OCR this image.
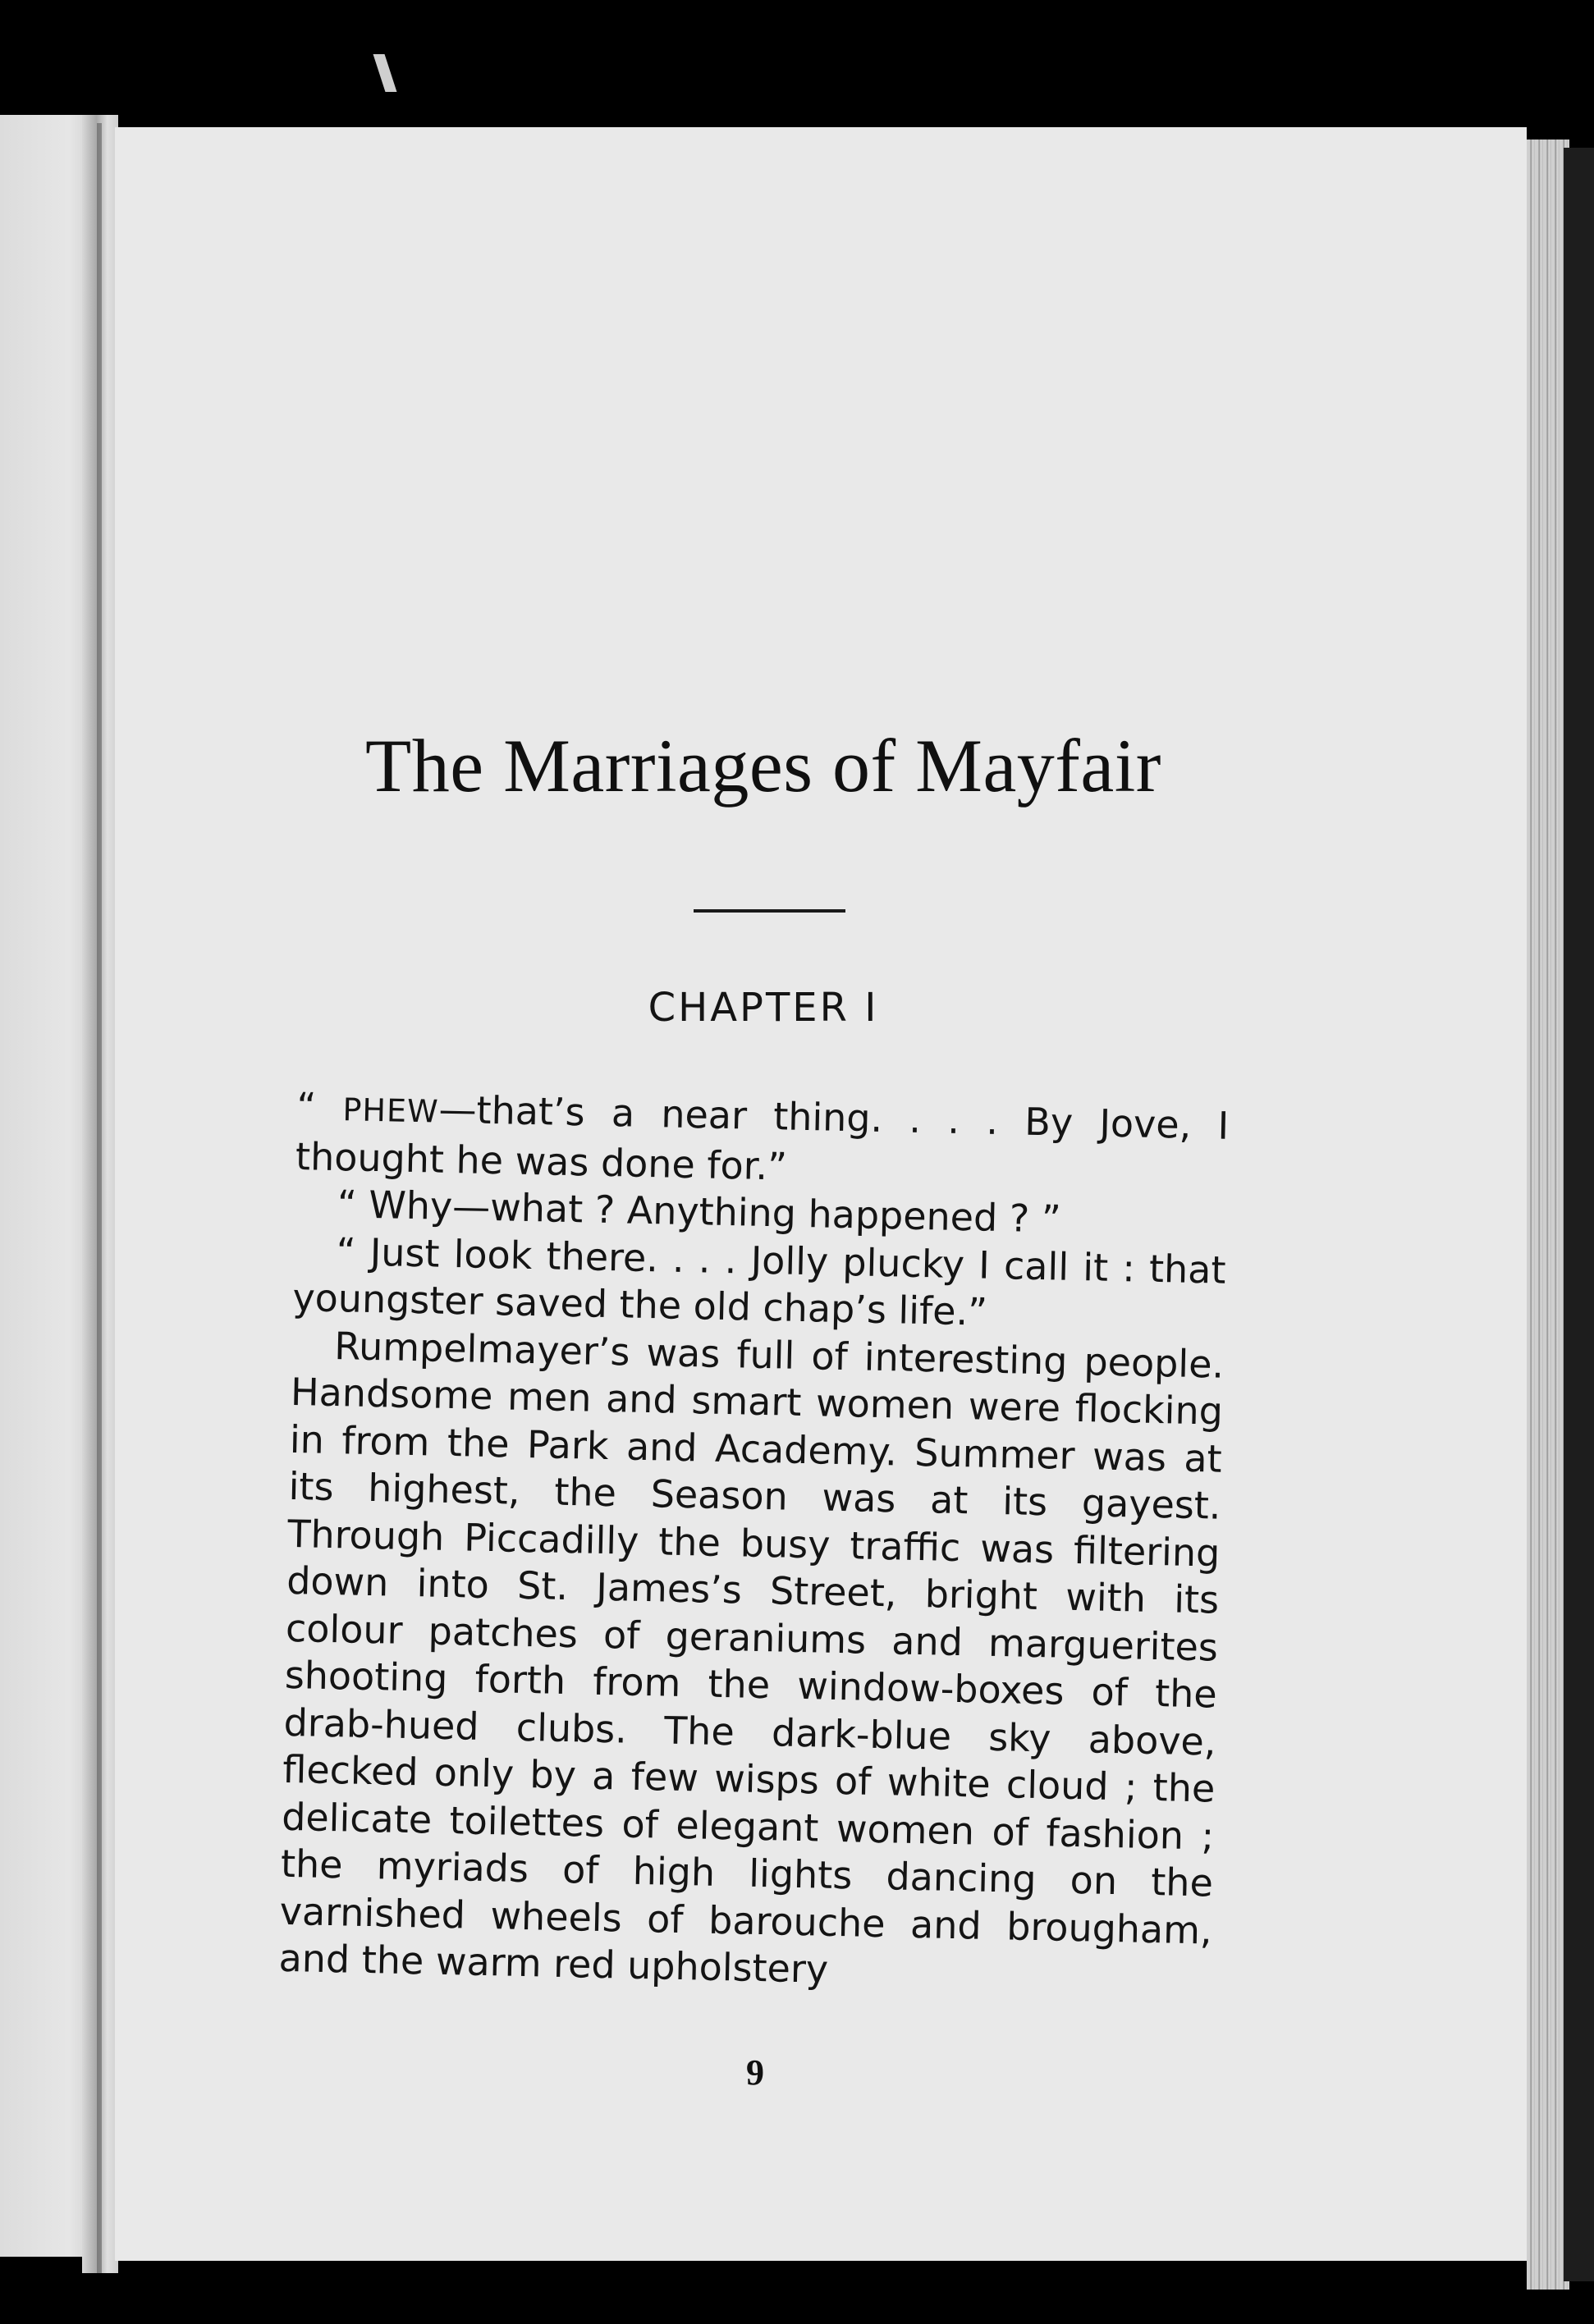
The Marriages of Mayfair
CHAPTER I

“ PHEW—that’s a near thing. . . . By Jove, I thought he was done for.”

“ Why—what ? Anything happened ? ”

“ Just look there. . . . Jolly plucky I call it : that youngster saved the old chap’s life.”

Rumpelmayer’s was full of interesting people. Handsome men and smart women were flocking in from the Park and Academy. Summer was at its highest, the Season was at its gayest. Through Piccadilly the busy traffic was filtering down into St. James’s Street, bright with its colour patches of geraniums and marguerites shooting forth from the window-boxes of the drab-hued clubs. The dark-blue sky above, flecked only by a few wisps of white cloud ; the delicate toilettes of elegant women of fashion ; the myriads of high lights dancing on the varnished wheels of barouche and brougham, and the warm red upholstery

9
